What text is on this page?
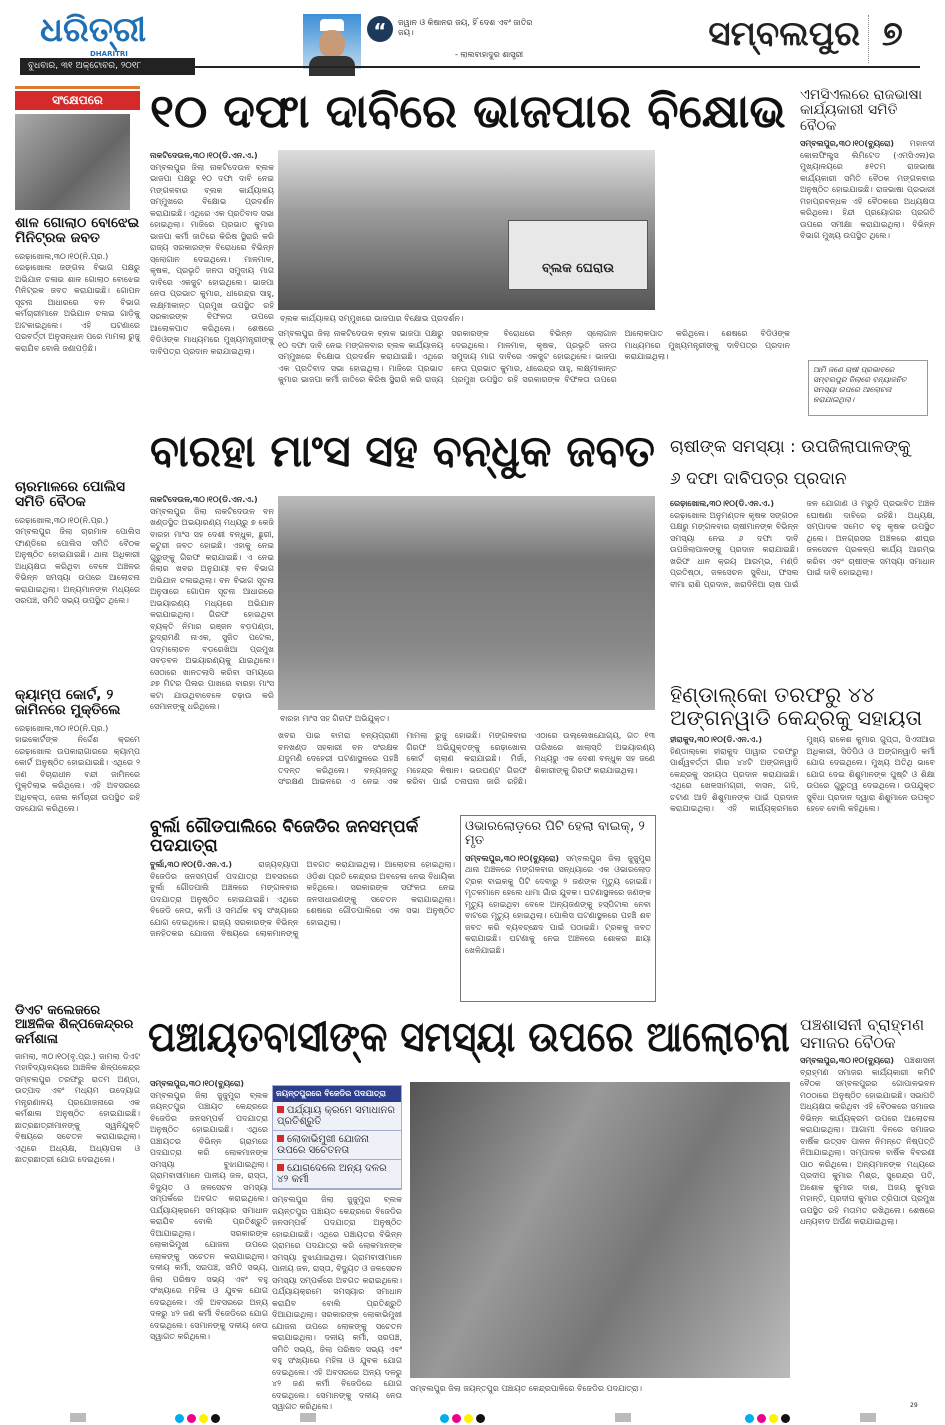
ଧରିତ୍ରୀ
DHARITRI
ବୁଧବାର, ୩୧ ଅକ୍ଟୋବର, ୨୦୧୮
“	ଜୱାନ ଓ କିଷାନର ଜୟ, ହିଁ ଦେଶ ଏବଂ ଜାତିର ଜୟ।
- ଲାଲବାହାଦୁର ଶାସ୍ତ୍ରୀ
ସମ୍ବଲପୁର ୭
ସଂକ୍ଷେପରେ
ଶାଳ ଗୋଲାଠ ବୋଝେଇ ମିନିଟ୍ରକ ଜବତ
ରେଢ଼ାଖୋଲ,୩୦।୧୦(ନି.ପ୍ର.) ରେଢ଼ାଖୋଲ ଜଙ୍ଗଲ ବିଭାଗ ପକ୍ଷରୁ ଅଭିଯାନ ଚଳାଇ ଶାଳ ଗୋଲାଠ ବୋଝେଇ ମିନିଟ୍ରକ ଜବତ କରାଯାଇଛି। ଗୋପନ ସୂଚନା ଆଧାରରେ ବନ ବିଭାଗ କର୍ମଚାରୀମାନେ ଅଭିଯାନ ଚଳାଇ ଗାଡ଼ିକୁ ଅଟକାଇଥିଲେ। ଏହି ଘଟଣାରେ ପରବର୍ତ୍ତୀ ଅନୁସନ୍ଧାନ ପରେ ମାମଲା ରୁଜୁ କରାଯିବ ବୋଲି ଜଣାପଡ଼ିଛି।
ଚାରମାଳରେ ପୋଲିସ ସମିତି ବୈଠକ
ରେଢ଼ାଖୋଲ,୩୦।୧୦(ନି.ପ୍ର.) ସମ୍ବଲପୁର ଜିଲା ଚାରମାଳ ପୋଲିସ ଫାଣ୍ଡିରେ ପୋଲିସ ସମିତି ବୈଠକ ଅନୁଷ୍ଠିତ ହୋଇଯାଇଛି। ଥାନା ଅଧିକାରୀ ଅଧ୍ୟକ୍ଷତା କରିଥିବା ବେଳେ ଅଞ୍ଚଳର ବିଭିନ୍ନ ସମସ୍ୟା ଉପରେ ଆଲୋଚନା କରାଯାଇଥିଲା। ଅନ୍ୟମାନଙ୍କ ମଧ୍ୟରେ ସରପଞ୍ଚ, ସମିତି ସଭ୍ୟ ଉପସ୍ଥିତ ଥିଲେ।
କ୍ୟାମ୍ପ କୋର୍ଟ, ୨ ଜାମିନରେ ମୁକ୍ତିଲେ
ରେଢ଼ାଖୋଲ,୩୦।୧୦(ନି.ପ୍ର.) ହାଇକୋର୍ଟଙ୍କ ନିର୍ଦ୍ଦେଶ କ୍ରମେ ରେଢ଼ାଖୋଲ ଉପକାରାଗାରରେ କ୍ୟାମ୍ପ କୋର୍ଟ ଅନୁଷ୍ଠିତ ହୋଇଯାଇଛି। ଏଥିରେ ୨ ଜଣ ବିଚାରାଧୀନ ବନ୍ଦୀ ଜାମିନରେ ମୁକ୍ତିଲାଭ କରିଥିଲେ। ଏହି ଅବସରରେ ଅଧିବକ୍ତା, ଜେଲ କର୍ମଚାରୀ ଉପସ୍ଥିତ ରହି ସହଯୋଗ କରିଥିଲେ।
ଡିଏଟ କଲେଜରେ ଆଞ୍ଚଳିକ ଶିଳ୍ପକେନ୍ଦ୍ରର କର୍ମଶାଳା
ଜାମଲା, ୩୦।୧୦(ବୃ.ପ୍ର.) ଜାମଲା ଡିଏଟ ମହାବିଦ୍ୟାଳୟରେ ଆଞ୍ଚଳିକ ଶିଳ୍ପକେନ୍ଦ୍ର ସମ୍ବଲପୁର ତରଫରୁ ରାତମ ଅଣ୍ଡା, ଉତ୍ପାଦ ଏବଂ ମଧ୍ୟମ ଉଦ୍ୟୋଗ ମନ୍ତ୍ରଣାଳୟ ପ୍ରଯୋଜନାରେ ଏକ କର୍ମଶାଳା ଅନୁଷ୍ଠିତ ହୋଇଯାଇଛି। ଛାତ୍ରଛାତ୍ରୀମାନଙ୍କୁ ସ୍ୱନିଯୁକ୍ତି ବିଷୟରେ ସଚେତନ କରାଯାଇଥିଲା। ଏଥିରେ ଅଧ୍ୟକ୍ଷ, ଅଧ୍ୟାପକ ଓ ଛାତ୍ରଛାତ୍ରୀ ଯୋଗ ଦେଇଥିଲେ।
୧୦ ଦଫା ଦାବିରେ ଭାଜପାର ବିକ୍ଷୋଭ
ନାକଟିଦେଉଳ,୩୦।୧୦(ଡି.ଏନ.ଏ.) ସମ୍ବଲପୁର ଜିଲା ନାକଟିଦେଉଳ ବ୍ଲକ ଭାଜପା ପକ୍ଷରୁ ୧୦ ଦଫା ଦାବି ନେଇ ମଙ୍ଗଳବାର ବ୍ଲକ କାର୍ଯ୍ୟାଳୟ ସମ୍ମୁଖରେ ବିକ୍ଷୋଭ ପ୍ରଦର୍ଶନ କରାଯାଇଛି। ଏଥିରେ ଏକ ପ୍ରତିବାଦ ସଭା ହୋଇଥିଲା। ମାଜିରେ ପ୍ରଭାତ କୁମାର ଭାଜପା କର୍ମୀ ଜାତିରେ କିରିଷ ସ୍ଥିରାରି କରି ରାଜ୍ୟ ସରକାରଙ୍କ ବିରୋଧରେ ବିଭିନ୍ନ ସ୍ଲୋଗାନ ଦେଇଥିଲେ। ମାଳମାଳ, କୃଷକ, ପ୍ରଭୃତି ଜନତା ସମୁଦାୟ ମାଗ ଦାବିରେ ଏକଜୁଟ ହୋଇଥିଲେ। ଭାଜପା ନେତା ପ୍ରଭାତ କୁମାର, ଧୀରେନ୍ଦ୍ର ସାହୁ, ଲକ୍ଷ୍ମୀକାନ୍ତ ପ୍ରମୁଖ ଉପସ୍ଥିତ ରହି ସରକାରଙ୍କ ବିଫଳତା ଉପରେ ଆଲୋକପାତ କରିଥିଲେ। ଶେଷରେ ବିଡିଓଙ୍କ ମାଧ୍ୟମରେ ମୁଖ୍ୟମନ୍ତ୍ରୀଙ୍କୁ ଦାବିପତ୍ର ପ୍ରଦାନ କରାଯାଇଥିଲା।
ବ୍ଲକ ଘେରାଉ
ବ୍ଲକ କାର୍ଯ୍ୟାଳୟ ସମ୍ମୁଖରେ ଭାଜପାର ବିକ୍ଷୋଭ ପ୍ରଦର୍ଶନ।
ସମ୍ବଲପୁର ଜିଲା ନାକଟିଦେଉଳ ବ୍ଲକ ଭାଜପା ପକ୍ଷରୁ ୧୦ ଦଫା ଦାବି ନେଇ ମଙ୍ଗଳବାର ବ୍ଲକ କାର୍ଯ୍ୟାଳୟ ସମ୍ମୁଖରେ ବିକ୍ଷୋଭ ପ୍ରଦର୍ଶନ କରାଯାଇଛି। ଏଥିରେ ଏକ ପ୍ରତିବାଦ ସଭା ହୋଇଥିଲା। ମାଜିରେ ପ୍ରଭାତ କୁମାର ଭାଜପା କର୍ମୀ ଜାତିରେ କିରିଷ ସ୍ଥିରାରି କରି ରାଜ୍ୟ ସରକାରଙ୍କ ବିରୋଧରେ ବିଭିନ୍ନ ସ୍ଲୋଗାନ ଦେଇଥିଲେ। ମାଳମାଳ, କୃଷକ, ପ୍ରଭୃତି ଜନତା ସମୁଦାୟ ମାଗ ଦାବିରେ ଏକଜୁଟ ହୋଇଥିଲେ। ଭାଜପା ନେତା ପ୍ରଭାତ କୁମାର, ଧୀରେନ୍ଦ୍ର ସାହୁ, ଲକ୍ଷ୍ମୀକାନ୍ତ ପ୍ରମୁଖ ଉପସ୍ଥିତ ରହି ସରକାରଙ୍କ ବିଫଳତା ଉପରେ ଆଲୋକପାତ କରିଥିଲେ। ଶେଷରେ ବିଡିଓଙ୍କ ମାଧ୍ୟମରେ ମୁଖ୍ୟମନ୍ତ୍ରୀଙ୍କୁ ଦାବିପତ୍ର ପ୍ରଦାନ କରାଯାଇଥିଲା।
ଏମସିଏଲରେ ରାଜଭାଷା କାର୍ଯ୍ୟକାରୀ ସମିତି ବୈଠକ
ସମ୍ବଲପୁର,୩୦।୧୦(ବ୍ୟୁରୋ) ମହାନଦୀ କୋଲଫିଲ୍ଡ୍ସ ଲିମିଟେଡ (ଏମସିଏଲ)ର ମୁଖ୍ୟାଳୟରେ ୫୧ତମ ରାଜଭାଷା କାର୍ଯ୍ୟକାରୀ ସମିତି ବୈଠକ ମଙ୍ଗଳବାର ଅନୁଷ୍ଠିତ ହୋଇଯାଇଛି। ରାଜଭାଷା ପ୍ରଭାରୀ ମହାପ୍ରବନ୍ଧକ ଏହି ବୈଠକରେ ଅଧ୍ୟକ୍ଷତା କରିଥିଲେ। ହିନ୍ଦୀ ପ୍ରୟୋଗର ପ୍ରଗତି ଉପରେ ସମୀକ୍ଷା କରାଯାଇଥିଲା। ବିଭିନ୍ନ ବିଭାଗ ମୁଖ୍ୟ ଉପସ୍ଥିତ ଥିଲେ।
ଆମି ଜଣେ ଚାଷୀ ପ୍ରଭାବରେ ସମ୍ବଲପୁର ଜିଲାରେ ବନ୍ୟାଜନିତ ସମସ୍ୟା ଉପରେ ଆଲୋଚନା କରାଯାଇଥିଲା।
ବାରହା ମାଂସ ସହ ବନ୍ଧୁକ ଜବତ
ନାକଟିଦେଉଳ,୩୦।୧୦(ଡି.ଏନ.ଏ.) ସମ୍ବଲପୁର ଜିଲା ନାକଟିଦେଉଳ ବନ ଖଣ୍ଡସ୍ଥିତ ଅଭୟାରଣ୍ୟ ମଧ୍ୟରୁ ୭ କେଜି ବାରହା ମାଂସ ସହ ଦେଶୀ ବନ୍ଧୁକ, ଛୁରୀ, କଟୁରୀ ଜବତ ହୋଇଛି। ଏହାକୁ ନେଇ ଗୁରୁଙ୍କୁ ଗିରଫ କରାଯାଇଛି। ଏ ନେଇ ଜିଲାର ଖବର ଅନୁଯାୟୀ ବନ ବିଭାଗ ଅଭିଯାନ ଚଳାଇଥିଲା। ବନ ବିଭାଗ ସୂଚନା ଅନୁସାରେ ଗୋପନ ସୂଚନା ଆଧାରରେ ଅଭୟାରଣ୍ୟ ମଧ୍ୟରେ ଅଭିଯାନ କରାଯାଇଥିଲା। ଗିରଫ ହୋଇଥିବା ବ୍ୟକ୍ତି ନିମାର ରଞ୍ଜନ ବଡ଼ପଣ୍ଡା, ରୁଦ୍ରାମଣି ନାଏକ, ସୁଜିତ ପଟେଲ, ପଦ୍ମଲୋଚନ ବଡ଼ରେଖିଆ ପ୍ରମୁଖ ସବଡ଼ବଳ ଅଭୟାରଣ୍ୟକୁ ଯାଇଥିଲେ। ସେଠାରେ ଖାନତଲାସି କରିବା ସମୟରେ ୬୭ ମିଟର ପିଲର ପାଖରେ ବାରହା ମାଂସ କଟା ଯାଉଥିବାବେଳେ ଚଢ଼ାଉ କରି ସେମାନଙ୍କୁ ଧରିଥିଲେ।
ବାରହା ମାଂସ ସହ ଗିରଫ ଅଭିଯୁକ୍ତ।
ଖବର ପାଇ ବାମରା ବନ୍ୟପ୍ରାଣୀ ବନଖଣ୍ଡ ସହକାରୀ ବନ ସଂରକ୍ଷକ ଯଦୁମଣି ଦେହେରୀ ଘଟଣାସ୍ଥଳରେ ପହଞ୍ଚି ତଦନ୍ତ କରିଥିଲେ। ବନ୍ୟଜନ୍ତୁ ସଂରକ୍ଷଣ ଆଇନରେ ଏ ନେଇ ଏକ ମାମଲା ରୁଜୁ ହୋଇଛି। ମଙ୍ଗଳବାର ଗିରଫ ଅଭିଯୁକ୍ତଙ୍କୁ ରେଢ଼ାଖୋଲ କୋର୍ଟ ଚାଲାଣ କରାଯାଇଛି। ମିର୍ଜା, ମହେନ୍ଦ୍ର କିଷାନ। ଭଉଘଣ୍ଟ ଗିରଫ କରିବା ପାଇଁ ତନାଘନା ଜାରି ରହିଛି। ଏଠାରେ ଉଲ୍ଲେଖଯୋଗ୍ୟ, ଗତ ୧୩ ତାରିଖରେ ଖାଲାସ୍ତି ଅଭୟାରଣ୍ୟ ମଧ୍ୟରୁ ଏକ ଦେଶୀ ବନ୍ଧୁକ ସହ ଜଣେ ଶିକାରୀଙ୍କୁ ଗିରଫ କରାଯାଇଥିଲା।
ଚାଷୀଙ୍କ ସମସ୍ୟା : ଉପଜିଲାପାଳଙ୍କୁ
୬ ଦଫା ଦାବିପତ୍ର ପ୍ରଦାନ
ରେଢ଼ାଖୋଲ,୩୦।୧୦(ଡି.ଏନ.ଏ.) ରେଢ଼ାଖୋଲ ଅନୁମଣ୍ଡଳ କୃଷକ ସଙ୍ଗଠନ ପକ୍ଷରୁ ମଙ୍ଗଳବାର ଚାଷୀମାନଙ୍କ ବିଭିନ୍ନ ସମସ୍ୟା ନେଇ ୬ ଦଫା ଦାବି ଉପଜିଲାପାଳଙ୍କୁ ପ୍ରଦାନ କରାଯାଇଛି। ଖରିଫ ଧାନ କ୍ରୟ ଆରମ୍ଭ, ମଣ୍ଡି ପ୍ରତିଷ୍ଠା, ଜଳସେଚନ ସୁବିଧା, ଫସଲ ବୀମା ରାଶି ପ୍ରଦାନ, ଖରାଦିନିଆ ଚାଷ ପାଇଁ ଜଳ ଯୋଗାଣ ଓ ମରୁଡ଼ି ପ୍ରଭାବିତ ଅଞ୍ଚଳ ଘୋଷଣା ଦାବିରେ ରହିଛି। ଅଧ୍ୟକ୍ଷ, ସମ୍ପାଦକ ସମେତ ବହୁ କୃଷକ ଉପସ୍ଥିତ ଥିଲେ। ଅନଗ୍ରସର ଅଞ୍ଚଳରେ ଶୀଘ୍ର ଜଳସେଚନ ପ୍ରକଳ୍ପ କାର୍ଯ୍ୟ ଆରମ୍ଭ କରିବା ଏବଂ ଚାଷୀଙ୍କ ସମସ୍ୟା ସମାଧାନ ପାଇଁ ଦାବି ହୋଇଥିଲା।
ହିଣ୍ଡାଲ୍କୋ ତରଫରୁ ୪୪ ଅଙ୍ଗନୱାଡି କେନ୍ଦ୍ରକୁ ସହାୟତା
ହୀରାକୁଦ,୩୦।୧୦(ଡି.ଏନ.ଏ.) ହିଣ୍ଡାଲ୍କୋ ହୀରାକୁଦ ପାୱାର ତରଫରୁ ପାର୍ଶ୍ୱବର୍ତ୍ତୀ ଗାଁର ୪୪ଟି ଅଙ୍ଗନୱାଡି କେନ୍ଦ୍ରକୁ ସହାୟତା ପ୍ରଦାନ କରାଯାଇଛି। ଏଥିରେ ଖେଳସାମଗ୍ରୀ, ବାସନ, ଗଦି, ଚଟାଣ ଆଦି ଶିଶୁମାନଙ୍କ ପାଇଁ ପ୍ରଦାନ କରାଯାଇଥିଲା। ଏହି କାର୍ଯ୍ୟକ୍ରମରେ ମୁଖ୍ୟ ରାକେଶ କୁମାର ଗୁପ୍ତା, ସିଏସଆର ଅଧିକାରୀ, ସିଡିପିଓ ଓ ଅଙ୍ଗନୱାଡି କର୍ମୀ ଯୋଗ ଦେଇଥିଲେ। ମୁଖ୍ୟ ଅତିଥି ଭାବେ ଯୋଗ ଦେଇ ଶିଶୁମାନଙ୍କ ପୁଷ୍ଟି ଓ ଶିକ୍ଷା ଉପରେ ଗୁରୁତ୍ୱ ଦେଇଥିଲେ। ଉପଯୁକ୍ତ ସୁବିଧା ପ୍ରଦାନ ଦ୍ୱାରା ଶିଶୁମାନେ ଉପକୃତ ହେବେ ବୋଲି କହିଥିଲେ।
ବୁର୍ଲା ଗୌଡପାଲିରେ ବିଜେଡିର ଜନସମ୍ପର୍କ ପଦଯାତ୍ରା
ବୁର୍ଲା,୩୦।୧୦(ଡି.ଏନ.ଏ.)	ରାଜ୍ୟବ୍ୟାପୀ ବିଜେଡିର ଜନସମ୍ପର୍କ ପଦଯାତ୍ରା ଅବସରରେ ବୁର୍ଲା ଗୌଡପାଲି ଅଞ୍ଚଳରେ ମଙ୍ଗଳବାର ପଦଯାତ୍ରା ଅନୁଷ୍ଠିତ ହୋଇଯାଇଛି। ଏଥିରେ ବିଜେଡି ନେତା, କର୍ମୀ ଓ ସମର୍ଥକ ବହୁ ସଂଖ୍ୟାରେ ଯୋଗ ଦେଇଥିଲେ। ରାଜ୍ୟ ସରକାରଙ୍କ ବିଭିନ୍ନ ଜନହିତକର ଯୋଜନା ବିଷୟରେ ଲୋକମାନଙ୍କୁ ଅବଗତ କରାଯାଇଥିଲା। ଆଲୋଚନା ହୋଇଥିଲା। ଓଡ଼ିଶା ପ୍ରତି କେନ୍ଦ୍ରର ଅବହେଳା ନେଇ ବିଧାୟିକା କହିଥିଲେ। ସରକାରଙ୍କ ସଫଳତା ନେଇ ଜନସାଧାରଣଙ୍କୁ ସଚେତନ କରାଯାଇଥିଲା। ଶେଷରେ ଗୌଡପାଲିରେ ଏକ ସଭା ଅନୁଷ୍ଠିତ ହୋଇଥିଲା।
ଓଭାରଲୋଡ଼ରେ ପିଟି ହେଲା ବାଇକ୍, ୨ ମୃତ
ସମ୍ବଲପୁର,୩୦।୧୦(ବ୍ୟୁରୋ) ସମ୍ବଲପୁର ଜିଲା ଜୁଜୁମୁରା ଥାନା ଅଞ୍ଚଳରେ ମଙ୍ଗଳବାର ସନ୍ଧ୍ୟାରେ ଏକ ଓଭାରଲୋଡ଼ ଟ୍ରକ ବାଇକକୁ ପିଟି ଦେବାରୁ ୨ ଜଣଙ୍କ ମୃତ୍ୟୁ ହୋଇଛି। ମୃତକମାନେ ହେଲେ ଧାମା ଗାଁର ଯୁବକ। ଘଟଣାସ୍ଥଳରେ ଜଣଙ୍କ ମୃତ୍ୟୁ ହୋଇଥିବା ବେଳେ ଅନ୍ୟଜଣଙ୍କୁ ହସ୍ପିଟାଲ ନେବା ବାଟରେ ମୃତ୍ୟୁ ହୋଇଥିଲା। ପୋଲିସ ଘଟଣାସ୍ଥଳରେ ପହଞ୍ଚି ଶବ ଜବତ କରି ବ୍ୟବଚ୍ଛେଦ ପାଇଁ ପଠାଇଛି। ଟ୍ରକକୁ ଜବତ କରାଯାଇଛି। ଘଟଣାକୁ ନେଇ ଅଞ୍ଚଳରେ ଶୋକର ଛାୟା ଖେଳିଯାଇଛି।
ପଞ୍ଚାୟତବାସୀଙ୍କ ସମସ୍ୟା ଉପରେ ଆଲୋଚନା
ସମ୍ବଲପୁର,୩୦।୧୦(ବ୍ୟୁରୋ) ସମ୍ବଲପୁର ଜିଲା ଜୁଜୁମୁରା ବ୍ଲକ ଜୟନ୍ତପୁର ପଞ୍ଚାୟତ କେନ୍ଦ୍ରରେ ବିଜେଡିର ଜନସମ୍ପର୍କ ପଦଯାତ୍ରା ଅନୁଷ୍ଠିତ ହୋଇଯାଇଛି। ଏଥିରେ ପଞ୍ଚାୟତର ବିଭିନ୍ନ ଗ୍ରାମରେ ପଦଯାତ୍ରା କରି ଲୋକମାନଙ୍କ ସମସ୍ୟା ବୁଝାଯାଇଥିଲା। ଗ୍ରାମବାସୀମାନେ ପାନୀୟ ଜଳ, ରାସ୍ତା, ବିଦ୍ୟୁତ ଓ ଜଳସେଚନ ସମସ୍ୟା ସମ୍ପର୍କରେ ଅବଗତ କରାଇଥିଲେ। ପର୍ଯ୍ୟାୟକ୍ରମେ ସମସ୍ୟାର ସମାଧାନ କରାଯିବ ବୋଲି ପ୍ରତିଶ୍ରୁତି ଦିଆଯାଇଥିଲା। ସରକାରଙ୍କ ଲୋକାଭିମୁଖୀ ଯୋଜନା ଉପରେ ଲୋକଙ୍କୁ ସଚେତନ କରାଯାଇଥିଲା। ଦଳୀୟ କର୍ମୀ, ସରପଞ୍ଚ, ସମିତି ସଭ୍ୟ, ଜିଲା ପରିଷଦ ସଭ୍ୟ ଏବଂ ବହୁ ସଂଖ୍ୟାରେ ମହିଳା ଓ ଯୁବକ ଯୋଗ ଦେଇଥିଲେ। ଏହି ଅବସରରେ ଅନ୍ୟ ଦଳରୁ ୪୨ ଜଣ କର୍ମୀ ବିଜେଡିରେ ଯୋଗ ଦେଇଥିଲେ। ସେମାନଙ୍କୁ ଦଳୀୟ ନେତା ସ୍ୱାଗତ କରିଥିଲେ।
ଜୟନ୍ତପୁରରେ ବିଜେଡିର ପଦଯାତ୍ରା
ପର୍ଯ୍ୟାୟ କ୍ରମେ ସମାଧାନର ପ୍ରତିଶ୍ରୁତି
ଲୋକାଭିମୁଖୀ ଯୋଜନା ଉପରେ ସଚେତନତା
ଯୋଗଦେଲେ ଅନ୍ୟ ଦଳର ୪୨ କର୍ମୀ
ସମ୍ବଲପୁର ଜିଲା ଜୁଜୁମୁରା ବ୍ଲକ ଜୟନ୍ତପୁର ପଞ୍ଚାୟତ କେନ୍ଦ୍ରରେ ବିଜେଡିର ଜନସମ୍ପର୍କ ପଦଯାତ୍ରା ଅନୁଷ୍ଠିତ ହୋଇଯାଇଛି। ଏଥିରେ ପଞ୍ଚାୟତର ବିଭିନ୍ନ ଗ୍ରାମରେ ପଦଯାତ୍ରା କରି ଲୋକମାନଙ୍କ ସମସ୍ୟା ବୁଝାଯାଇଥିଲା। ଗ୍ରାମବାସୀମାନେ ପାନୀୟ ଜଳ, ରାସ୍ତା, ବିଦ୍ୟୁତ ଓ ଜଳସେଚନ ସମସ୍ୟା ସମ୍ପର୍କରେ ଅବଗତ କରାଇଥିଲେ। ପର୍ଯ୍ୟାୟକ୍ରମେ ସମସ୍ୟାର ସମାଧାନ କରାଯିବ ବୋଲି ପ୍ରତିଶ୍ରୁତି ଦିଆଯାଇଥିଲା। ସରକାରଙ୍କ ଲୋକାଭିମୁଖୀ ଯୋଜନା ଉପରେ ଲୋକଙ୍କୁ ସଚେତନ କରାଯାଇଥିଲା। ଦଳୀୟ କର୍ମୀ, ସରପଞ୍ଚ, ସମିତି ସଭ୍ୟ, ଜିଲା ପରିଷଦ ସଭ୍ୟ ଏବଂ ବହୁ ସଂଖ୍ୟାରେ ମହିଳା ଓ ଯୁବକ ଯୋଗ ଦେଇଥିଲେ। ଏହି ଅବସରରେ ଅନ୍ୟ ଦଳରୁ ୪୨ ଜଣ କର୍ମୀ ବିଜେଡିରେ ଯୋଗ ଦେଇଥିଲେ। ସେମାନଙ୍କୁ ଦଳୀୟ ନେତା ସ୍ୱାଗତ କରିଥିଲେ।
ସମ୍ବଲପୁର ଜିଲା ଜୟନ୍ତପୁର ପଞ୍ଚାୟତ କେନ୍ଦ୍ରପାଳିରେ ବିଜେଡିର ପଦଯାତ୍ରା।
ପଞ୍ଚଶାସନୀ ବ୍ରାହ୍ମଣ ସମାଜର ବୈଠକ
ସମ୍ବଲପୁର,୩୦।୧୦(ବ୍ୟୁରୋ) ପଞ୍ଚଶାସନୀ ବ୍ରାହ୍ମଣ ସମାଜର କାର୍ଯ୍ୟକାରୀ କମିଟି ବୈଠକ ସମ୍ବଲପୁରର ଗୋପାଳଭବନ ମଠଠାରେ ଅନୁଷ୍ଠିତ ହୋଇଯାଇଛି। ସଭାପତି ଅଧ୍ୟକ୍ଷତା କରିଥିବା ଏହି ବୈଠକରେ ସମାଜର ବିଭିନ୍ନ କାର୍ଯ୍ୟକ୍ରମ ଉପରେ ଆଲୋଚନା କରାଯାଇଥିଲା। ଆଗାମୀ ଦିନରେ ସମାଜର ବାର୍ଷିକ ଉତ୍ସବ ପାଳନ ନିମନ୍ତେ ନିଷ୍ପତ୍ତି ନିଆଯାଇଥିଲା। ସମ୍ପାଦକ ବାର୍ଷିକ ବିବରଣୀ ପାଠ କରିଥିଲେ। ଅନ୍ୟମାନଙ୍କ ମଧ୍ୟରେ ପ୍ରଦୀପ କୁମାର ମିଶ୍ର, ସୁରେନ୍ଦ୍ର ପତି, ଅଶୋକ କୁମାର ଦାଶ, ଅଜୟ କୁମାର ମହାନ୍ତି, ପ୍ରଦୀପ କୁମାର ତ୍ରିପାଠୀ ପ୍ରମୁଖ ଉପସ୍ଥିତ ରହି ମତାମତ ରଖିଥିଲେ। ଶେଷରେ ଧନ୍ୟବାଦ ଅର୍ପଣ କରାଯାଇଥିଲା।
29
